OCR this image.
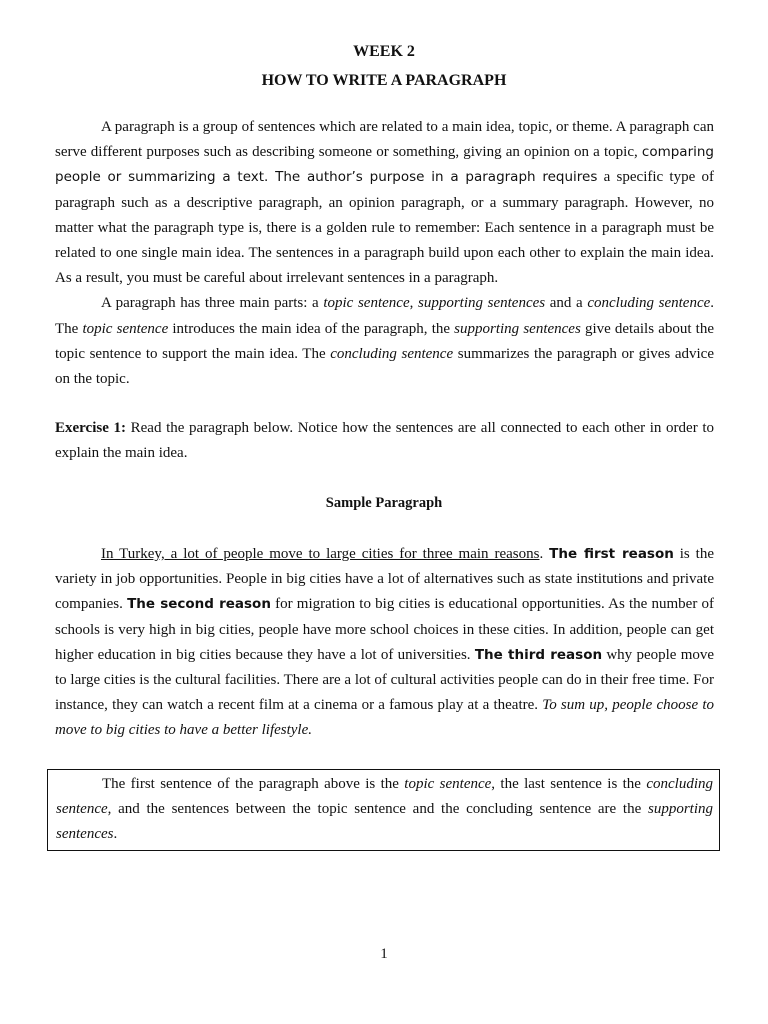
WEEK 2
HOW TO WRITE A PARAGRAPH

A paragraph is a group of sentences which are related to a main idea, topic, or theme. A paragraph can serve different purposes such as describing someone or something, giving an opinion on a topic, comparing people or summarizing a text. The author’s purpose in a paragraph requires a specific type of paragraph such as a descriptive paragraph, an opinion paragraph, or a summary paragraph. However, no matter what the paragraph type is, there is a golden rule to remember: Each sentence in a paragraph must be related to one single main idea. The sentences in a paragraph build upon each other to explain the main idea. As a result, you must be careful about irrelevant sentences in a paragraph.

A paragraph has three main parts: a topic sentence, supporting sentences and a concluding sentence. The topic sentence introduces the main idea of the paragraph, the supporting sentences give details about the topic sentence to support the main idea. The concluding sentence summarizes the paragraph or gives advice on the topic.

Exercise 1: Read the paragraph below. Notice how the sentences are all connected to each other in order to explain the main idea.

Sample Paragraph

In Turkey, a lot of people move to large cities for three main reasons. The first reason is the variety in job opportunities. People in big cities have a lot of alternatives such as state institutions and private companies. The second reason for migration to big cities is educational opportunities. As the number of schools is very high in big cities, people have more school choices in these cities. In addition, people can get higher education in big cities because they have a lot of universities. The third reason why people move to large cities is the cultural facilities. There are a lot of cultural activities people can do in their free time. For instance, they can watch a recent film at a cinema or a famous play at a theatre. To sum up, people choose to move to big cities to have a better lifestyle.

The first sentence of the paragraph above is the topic sentence, the last sentence is the concluding sentence, and the sentences between the topic sentence and the concluding sentence are the supporting sentences.

1
